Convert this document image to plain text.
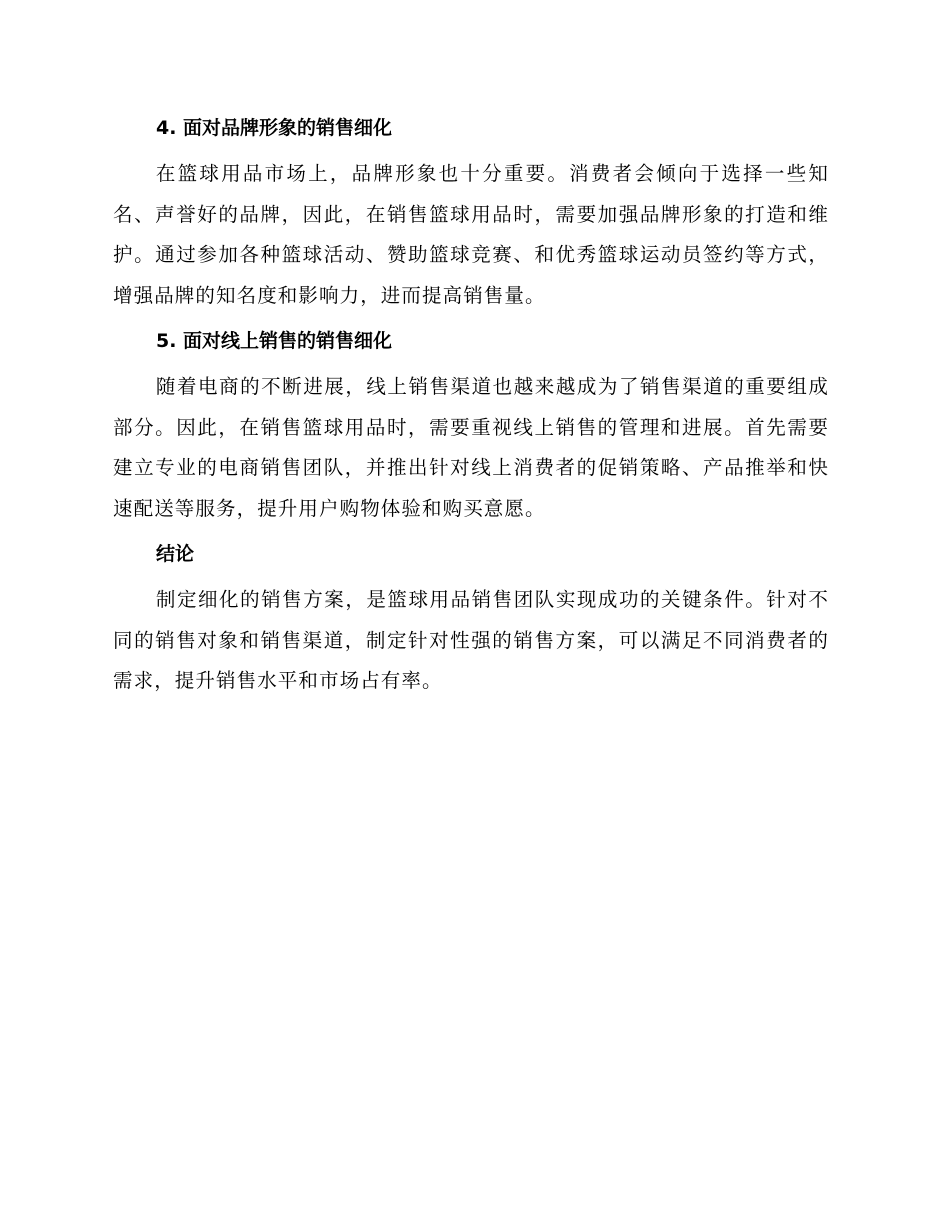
4. 面对品牌形象的销售细化

在篮球用品市场上，品牌形象也十分重要。消费者会倾向于选择一些知名、声誉好的品牌，因此，在销售篮球用品时，需要加强品牌形象的打造和维护。通过参加各种篮球活动、赞助篮球竞赛、和优秀篮球运动员签约等方式，增强品牌的知名度和影响力，进而提高销售量。

5. 面对线上销售的销售细化

随着电商的不断进展，线上销售渠道也越来越成为了销售渠道的重要组成部分。因此，在销售篮球用品时，需要重视线上销售的管理和进展。首先需要建立专业的电商销售团队，并推出针对线上消费者的促销策略、产品推举和快速配送等服务，提升用户购物体验和购买意愿。

结论

制定细化的销售方案，是篮球用品销售团队实现成功的关键条件。针对不同的销售对象和销售渠道，制定针对性强的销售方案，可以满足不同消费者的需求，提升销售水平和市场占有率。
